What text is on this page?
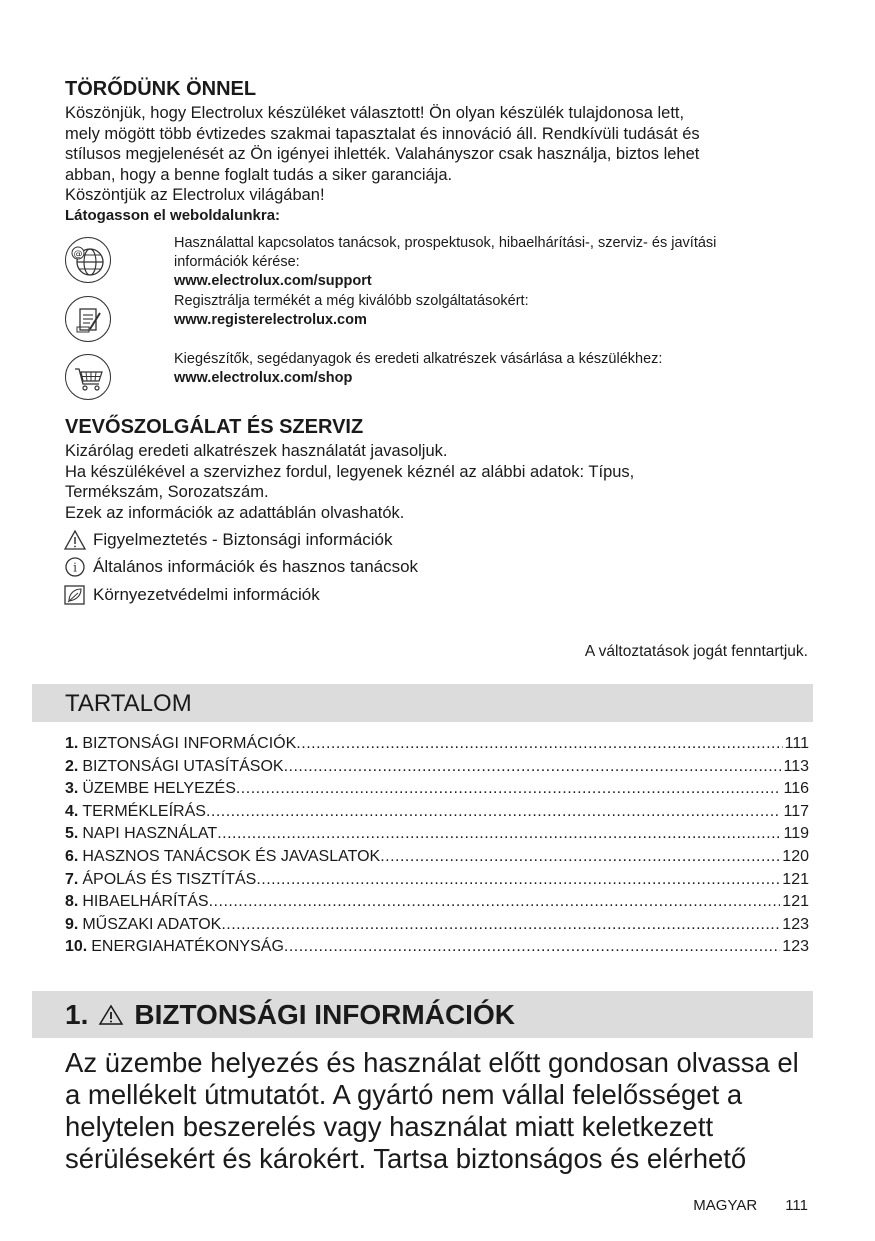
TÖRŐDÜNK ÖNNEL
Köszönjük, hogy Electrolux készüléket választott! Ön olyan készülék tulajdonosa lett,
mely mögött több évtizedes szakmai tapasztalat és innováció áll. Rendkívüli tudását és
stílusos megjelenését az Ön igényei ihlették. Valahányszor csak használja, biztos lehet
abban, hogy a benne foglalt tudás a siker garanciája.
Köszöntjük az Electrolux világában!
Látogasson el weboldalunkra:
@
Használattal kapcsolatos tanácsok, prospektusok, hibaelhárítási-, szerviz- és javítási
információk kérése:
www.electrolux.com/support
Regisztrálja termékét a még kiválóbb szolgáltatásokért:
www.registerelectrolux.com
Kiegészítők, segédanyagok és eredeti alkatrészek vásárlása a készülékhez:
www.electrolux.com/shop
VEVŐSZOLGÁLAT ÉS SZERVIZ
Kizárólag eredeti alkatrészek használatát javasoljuk.
Ha készülékével a szervizhez fordul, legyenek kéznél az alábbi adatok: Típus,
Termékszám, Sorozatszám.
Ezek az információk az adattáblán olvashatók.
Figyelmeztetés - Biztonsági információk
i Általános információk és hasznos tanácsok
Környezetvédelmi információk
A változtatások jogát fenntartjuk.
TARTALOM
1. BIZTONSÁGI INFORMÁCIÓK .....	111
2. BIZTONSÁGI UTASÍTÁSOK .....	113
3. ÜZEMBE HELYEZÉS .....	116
4. TERMÉKLEÍRÁS .....	117
5. NAPI HASZNÁLAT .....	119
6. HASZNOS TANÁCSOK ÉS JAVASLATOK .....	120
7. ÁPOLÁS ÉS TISZTÍTÁS .....	121
8. HIBAELHÁRÍTÁS .....	121
9. MŰSZAKI ADATOK .....	123
10. ENERGIAHATÉKONYSÁG .....	123
1. BIZTONSÁGI INFORMÁCIÓK
Az üzembe helyezés és használat előtt gondosan olvassa el
a mellékelt útmutatót. A gyártó nem vállal felelősséget a
helytelen beszerelés vagy használat miatt keletkezett
sérülésekért és károkért. Tartsa biztonságos és elérhető
MAGYAR 111
